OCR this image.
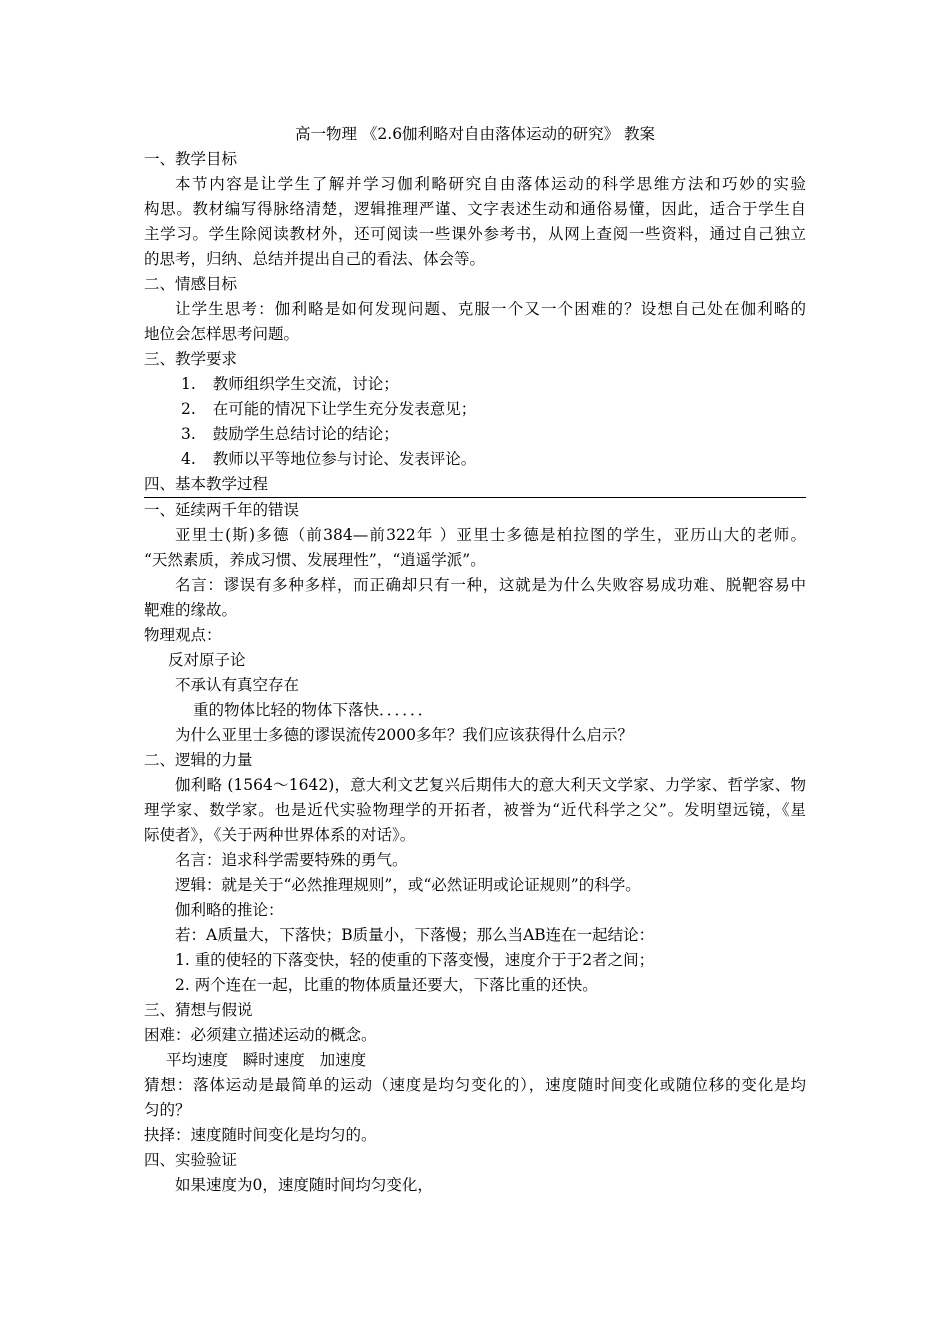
高一物理 《2.6伽利略对自由落体运动的研究》 教案
一、教学目标
本节内容是让学生了解并学习伽利略研究自由落体运动的科学思维方法和巧妙的实验
构思。教材编写得脉络清楚，逻辑推理严谨、文字表述生动和通俗易懂，因此，适合于学生自
主学习。学生除阅读教材外，还可阅读一些课外参考书，从网上查阅一些资料，通过自己独立
的思考，归纳、总结并提出自己的看法、体会等。
二、情感目标
让学生思考：伽利略是如何发现问题、克服一个又一个困难的？设想自己处在伽利略的
地位会怎样思考问题。
三、教学要求
1. 教师组织学生交流，讨论；
2. 在可能的情况下让学生充分发表意见；
3. 鼓励学生总结讨论的结论；
4. 教师以平等地位参与讨论、发表评论。
四、基本教学过程
一、延续两千年的错误
亚里士(斯)多德（前384—前322年 ）亚里士多德是柏拉图的学生，亚历山大的老师。
“天然素质，养成习惯、发展理性”，“逍遥学派”。
名言：谬误有多种多样，而正确却只有一种，这就是为什么失败容易成功难、脱靶容易中
靶难的缘故。
物理观点：
反对原子论
不承认有真空存在
重的物体比轻的物体下落快．．．．．．
为什么亚里士多德的谬误流传2000多年？我们应该获得什么启示？
二、逻辑的力量
伽利略 (1564～1642)，意大利文艺复兴后期伟大的意大利天文学家、力学家、哲学家、物
理学家、数学家。也是近代实验物理学的开拓者，被誉为“近代科学之父”。发明望远镜，《星
际使者》，《关于两种世界体系的对话》。
名言：追求科学需要特殊的勇气。
逻辑：就是关于“必然推理规则”，或“必然证明或论证规则”的科学。
伽利略的推论：
若：A质量大，下落快；B质量小，下落慢；那么当AB连在一起结论：
1. 重的使轻的下落变快，轻的使重的下落变慢，速度介于于2者之间；
2. 两个连在一起，比重的物体质量还要大，下落比重的还快。
三、猜想与假说
困难：必须建立描述运动的概念。
平均速度   瞬时速度   加速度
猜想：落体运动是最简单的运动（速度是均匀变化的），速度随时间变化或随位移的变化是均
匀的？
抉择：速度随时间变化是均匀的。
四、实验验证
如果速度为0，速度随时间均匀变化，
